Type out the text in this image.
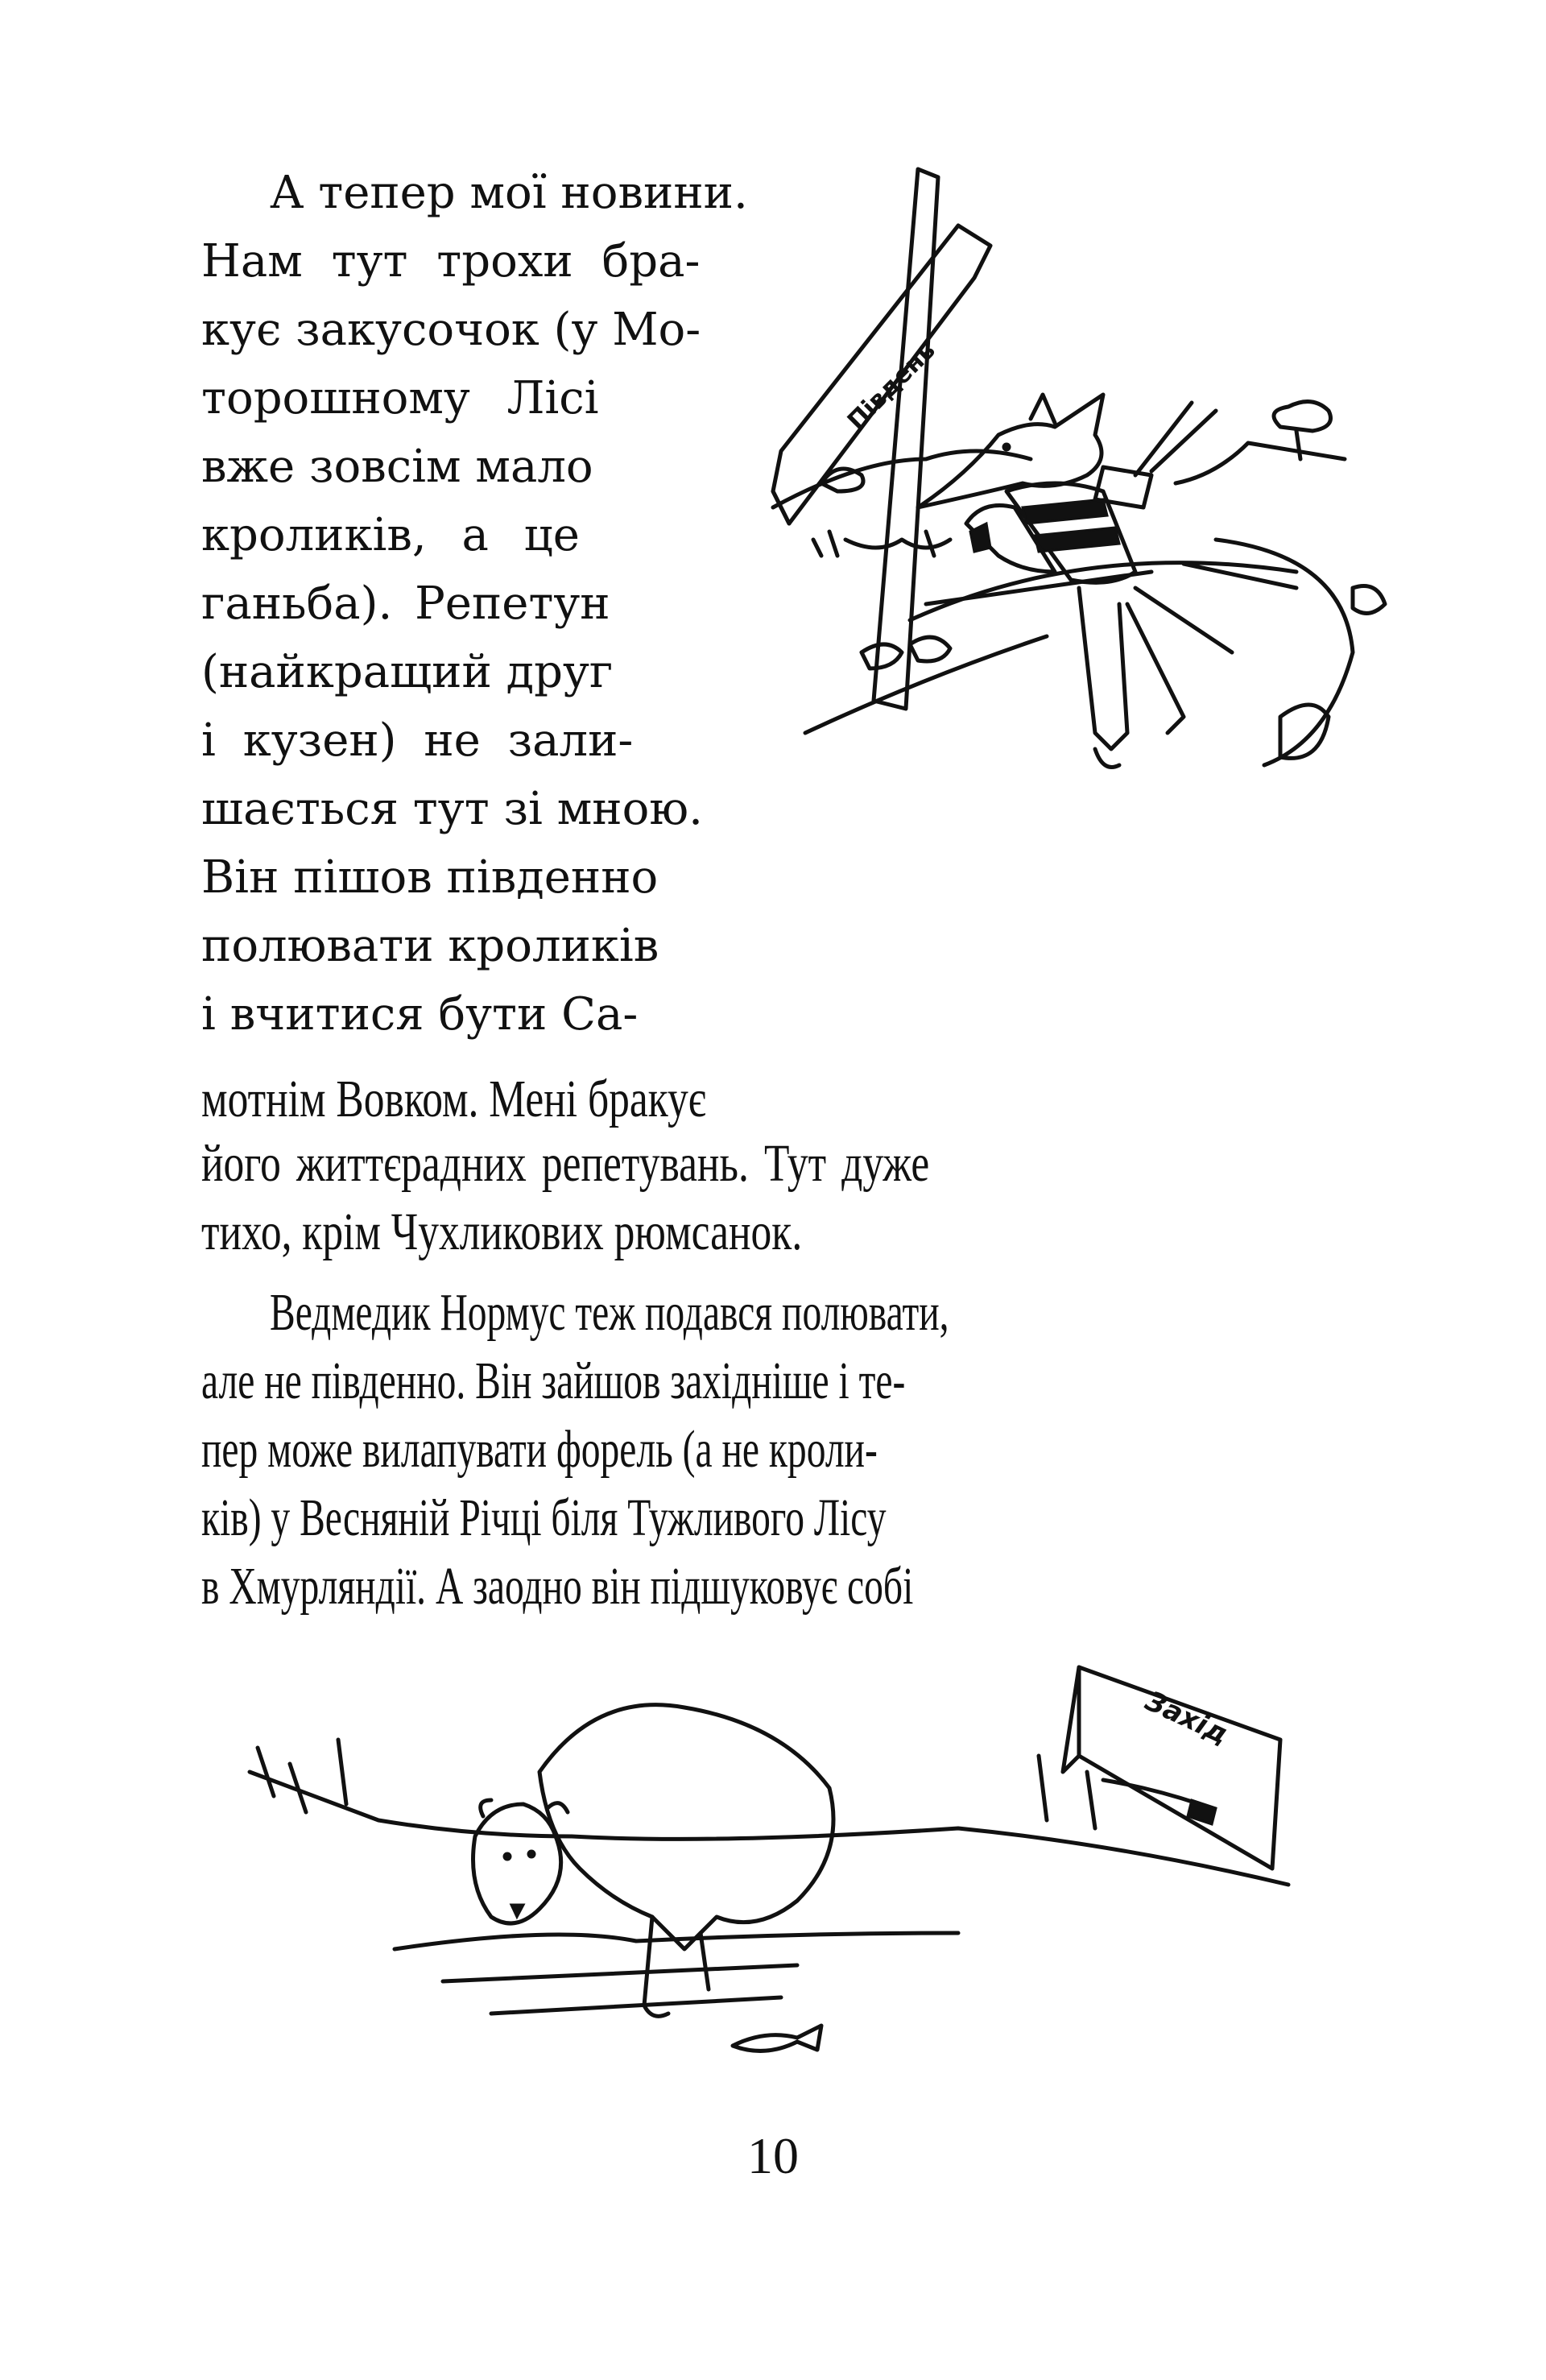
А тепер мої новини.
Нам тут трохи бра-
кує закусочок (у Мо-
торошному Лісі
вже зовсім мало
кроликів, а це
ганьба). Репетун
(найкращий друг
і кузен) не зали-
шається тут зі мною.
Він пішов південно
полювати кроликів
і вчитися бути Са-
мотнім Вовком. Мені бракує
його життєрадних репетувань. Тут дуже
тихо, крім Чухликових рюмсанок.
Ведмедик Нормус теж подався полювати,
але не південно. Він зайшов західніше і те-
пер може вилапувати форель (а не кроли-
ків) у Весняній Річці біля Тужливого Лісу
в Хмурляндії. А заодно він підшуковує собі
Південь
Захід
10
